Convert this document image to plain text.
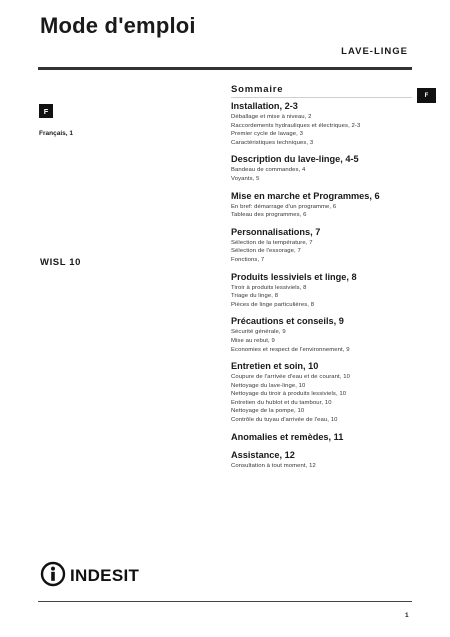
Mode d'emploi
LAVE-LINGE
F
Français, 1
F
WISL 10
Sommaire
Installation, 2-3
Déballage et mise à niveau, 2
Raccordements hydrauliques et électriques, 2-3
Premier cycle de lavage, 3
Caractéristiques techniques, 3
Description du lave-linge, 4-5
Bandeau de commandes, 4
Voyants, 5
Mise en marche et Programmes, 6
En bref: démarrage d'un programme, 6
Tableau des programmes, 6
Personnalisations, 7
Sélection de la température, 7
Sélection de l'essorage, 7
Fonctions, 7
Produits lessiviels et linge, 8
Tiroir à produits lessiviels, 8
Triage du linge, 8
Pièces de linge particulières, 8
Précautions et conseils, 9
Sécurité générale, 9
Mise au rebut, 9
Economies et respect de l'environnement, 9
Entretien et soin, 10
Coupure de l'arrivée d'eau et de courant, 10
Nettoyage du lave-linge, 10
Nettoyage du tiroir à produits lessiviels, 10
Entretien du hublot et du tambour, 10
Nettoyage de la pompe, 10
Contrôle du tuyau d'arrivée de l'eau, 10
Anomalies et remèdes, 11
Assistance, 12
Consultation à tout moment, 12
INDESIT
1
